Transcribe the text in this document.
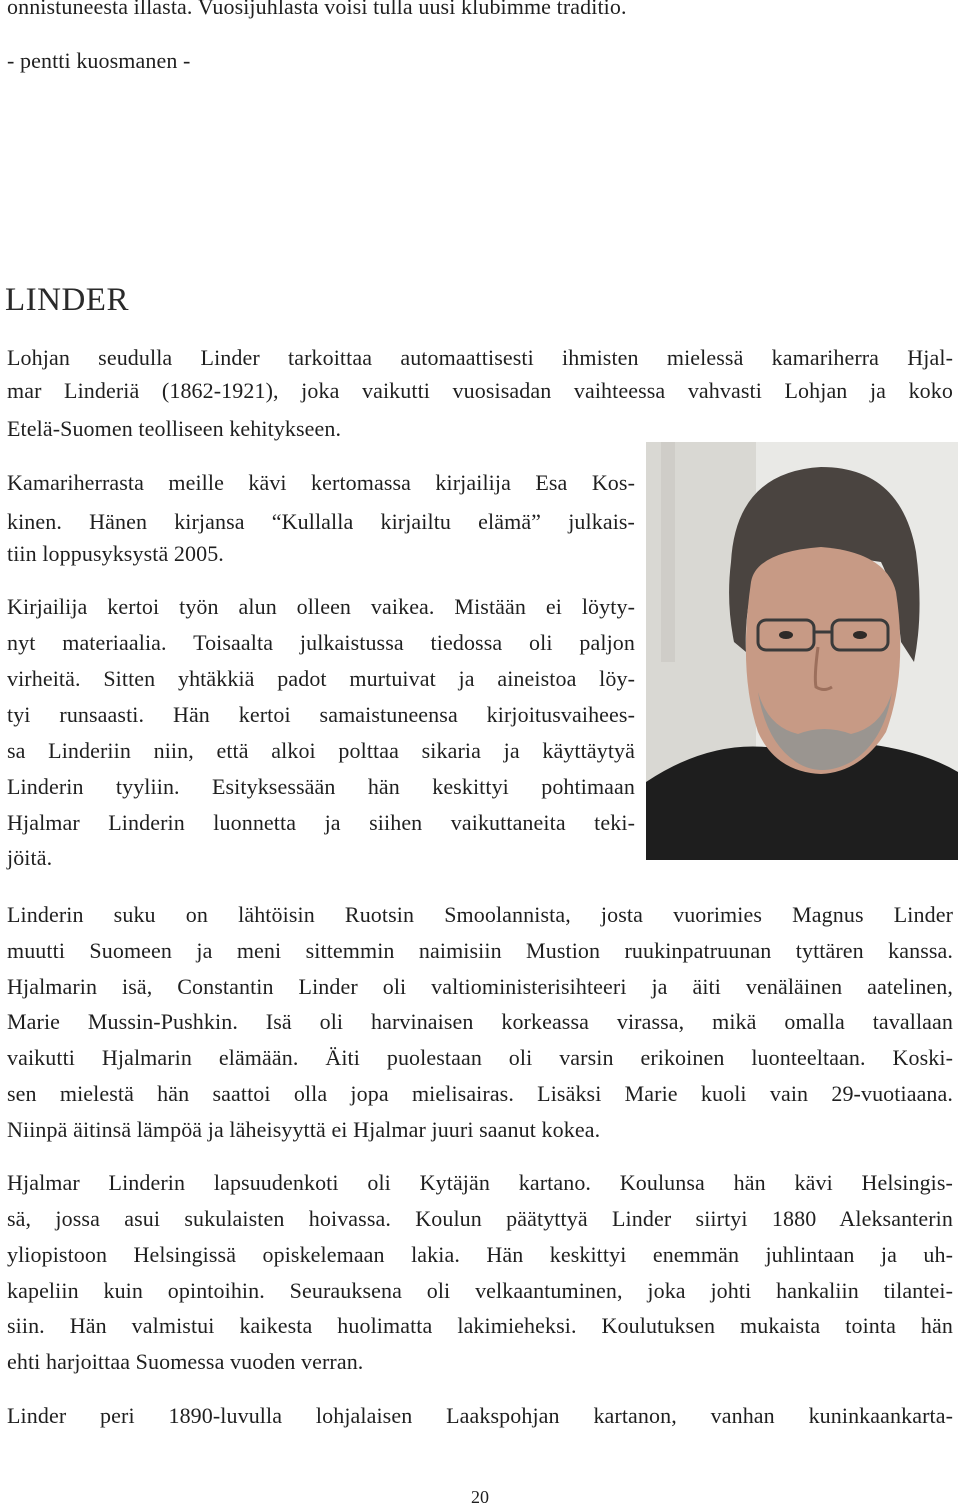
onnistuneesta illasta. Vuosijuhlasta voisi tulla uusi klubimme traditio.
- pentti kuosmanen -
LINDER
Lohjan seudulla Linder tarkoittaa automaattisesti ihmisten mielessä kamariherra Hjal-
mar Linderiä (1862-1921), joka vaikutti vuosisadan vaihteessa vahvasti Lohjan ja koko
Etelä-Suomen teolliseen kehitykseen.
Kamariherrasta meille kävi kertomassa kirjailija Esa Kos-
kinen. Hänen kirjansa “Kullalla kirjailtu elämä” julkais-
tiin loppusyksystä 2005.
Kirjailija kertoi työn alun olleen vaikea. Mistään ei löyty-
nyt materiaalia. Toisaalta julkaistussa tiedossa oli paljon
virheitä. Sitten yhtäkkiä padot murtuivat ja aineistoa löy-
tyi runsaasti. Hän kertoi samaistuneensa kirjoitusvaihees-
sa Linderiin niin, että alkoi polttaa sikaria ja käyttäytyä
Linderin tyyliin. Esityksessään hän keskittyi pohtimaan
Hjalmar Linderin luonnetta ja siihen vaikuttaneita teki-
jöitä.
Linderin suku on lähtöisin Ruotsin Smoolannista, josta vuorimies Magnus Linder
muutti Suomeen ja meni sittemmin naimisiin Mustion ruukinpatruunan tyttären kanssa.
Hjalmarin isä, Constantin Linder oli valtioministerisihteeri ja äiti venäläinen aatelinen,
Marie Mussin-Pushkin. Isä oli harvinaisen korkeassa virassa, mikä omalla tavallaan
vaikutti Hjalmarin elämään. Äiti puolestaan oli varsin erikoinen luonteeltaan. Koski-
sen mielestä hän saattoi olla jopa mielisairas. Lisäksi Marie kuoli vain 29-vuotiaana.
Niinpä äitinsä lämpöä ja läheisyyttä ei Hjalmar juuri saanut kokea.
Hjalmar Linderin lapsuudenkoti oli Kytäjän kartano. Koulunsa hän kävi Helsingis-
sä, jossa asui sukulaisten hoivassa. Koulun päätyttyä Linder siirtyi 1880 Aleksanterin
yliopistoon Helsingissä opiskelemaan lakia. Hän keskittyi enemmän juhlintaan ja uh-
kapeliin kuin opintoihin. Seurauksena oli velkaantuminen, joka johti hankaliin tilantei-
siin. Hän valmistui kaikesta huolimatta lakimieheksi. Koulutuksen mukaista tointa hän
ehti harjoittaa Suomessa vuoden verran.
Linder peri 1890-luvulla lohjalaisen Laakspohjan kartanon, vanhan kuninkaankarta-
20
